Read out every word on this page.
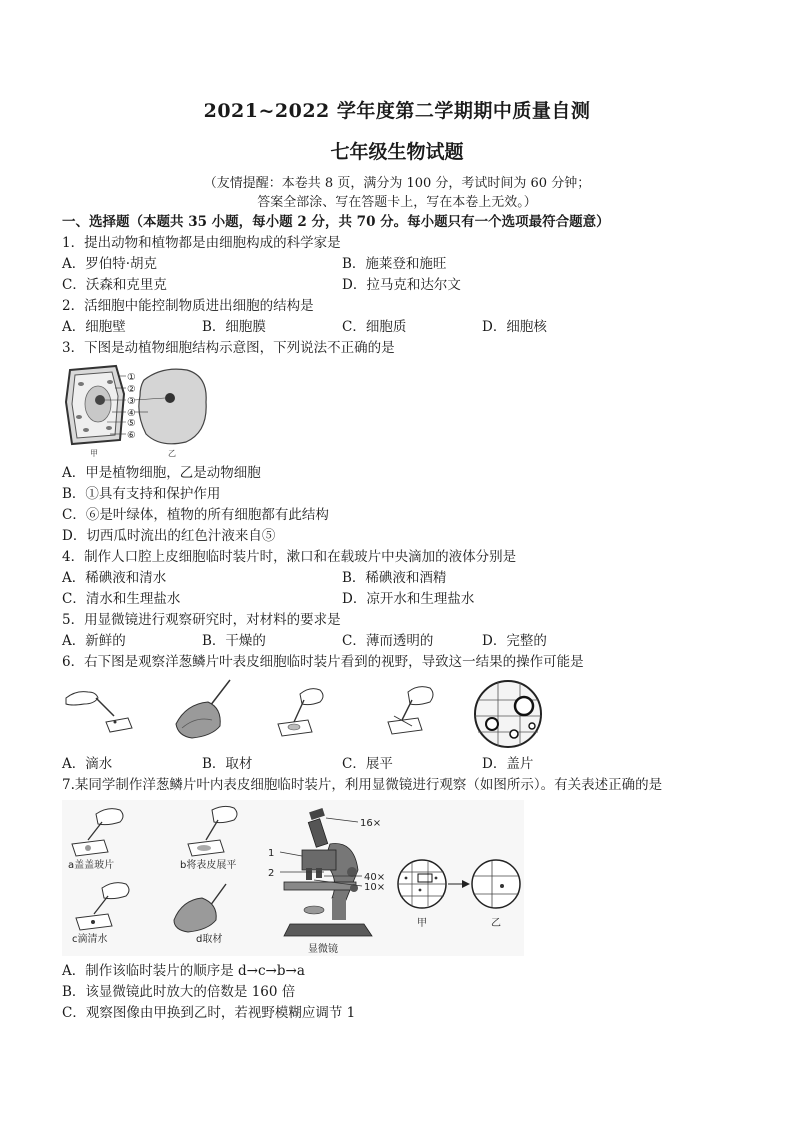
2021~2022 学年度第二学期期中质量自测
七年级生物试题
（友情提醒：本卷共 8 页，满分为 100 分，考试时间为 60 分钟；
答案全部涂、写在答题卡上，写在本卷上无效。）
一、选择题（本题共 35 小题，每小题 2 分，共 70 分。每小题只有一个选项最符合题意）
1．提出动物和植物都是由细胞构成的科学家是
A．罗伯特·胡克	B．施莱登和施旺
C．沃森和克里克	D．拉马克和达尔文
2．活细胞中能控制物质进出细胞的结构是
A．细胞壁	B．细胞膜	C．细胞质	D．细胞核
3．下图是动植物细胞结构示意图，下列说法不正确的是
①
②
③
④
⑤
⑥
甲	乙
A．甲是植物细胞，乙是动物细胞
B．①具有支持和保护作用
C．⑥是叶绿体，植物的所有细胞都有此结构
D．切西瓜时流出的红色汁液来自⑤
4．制作人口腔上皮细胞临时装片时，漱口和在载玻片中央滴加的液体分别是
A．稀碘液和清水	B．稀碘液和酒精
C．清水和生理盐水	D．凉开水和生理盐水
5．用显微镜进行观察研究时，对材料的要求是
A．新鲜的	B．干燥的	C．薄而透明的	D．完整的
6．右下图是观察洋葱鳞片叶表皮细胞临时装片看到的视野，导致这一结果的操作可能是
A．滴水	B．取材	C．展平	D．盖片
7.某同学制作洋葱鳞片叶内表皮细胞临时装片，利用显微镜进行观察（如图所示）。有关表述正确的是
a盖盖玻片	b将表皮展平
c滴清水	d取材
16×
1
2	40×
10×
显微镜
甲	乙
A．制作该临时装片的顺序是 d→c→b→a
B．该显微镜此时放大的倍数是 160 倍
C．观察图像由甲换到乙时，若视野模糊应调节 1
